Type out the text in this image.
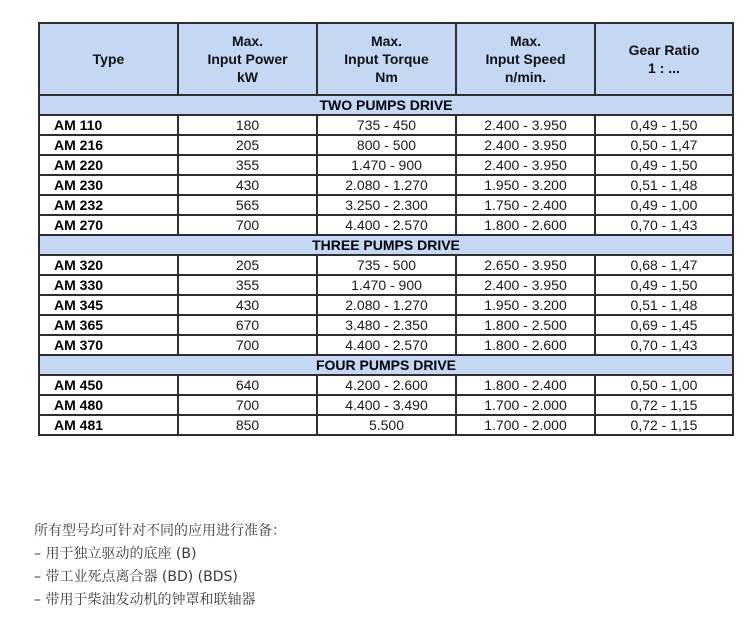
Type	Max.
Input Power
kW	Max.
Input Torque
Nm	Max.
Input Speed
n/min.	Gear Ratio
1 : ...
TWO PUMPS DRIVE				
AM 110	180	735 - 450	2.400 - 3.950	0,49 - 1,50
AM 216	205	800 - 500	2.400 - 3.950	0,50 - 1,47
AM 220	355	1.470 - 900	2.400 - 3.950	0,49 - 1,50
AM 230	430	2.080 - 1.270	1.950 - 3.200	0,51 - 1,48
AM 232	565	3.250 - 2.300	1.750 - 2.400	0,49 - 1,00
AM 270	700	4.400 - 2.570	1.800 - 2.600	0,70 - 1,43
THREE PUMPS DRIVE				
AM 320	205	735 - 500	2.650 - 3.950	0,68 - 1,47
AM 330	355	1.470 - 900	2.400 - 3.950	0,49 - 1,50
AM 345	430	2.080 - 1.270	1.950 - 3.200	0,51 - 1,48
AM 365	670	3.480 - 2.350	1.800 - 2.500	0,69 - 1,45
AM 370	700	4.400 - 2.570	1.800 - 2.600	0,70 - 1,43
FOUR PUMPS DRIVE				
AM 450	640	4.200 - 2.600	1.800 - 2.400	0,50 - 1,00
AM 480	700	4.400 - 3.490	1.700 - 2.000	0,72 - 1,15
AM 481	850	5.500	1.700 - 2.000	0,72 - 1,15
所有型号均可针对不同的应用进行准备：
– 用于独立驱动的底座 (B)
– 带工业死点离合器 (BD) (BDS)
– 带用于柴油发动机的钟罩和联轴器
